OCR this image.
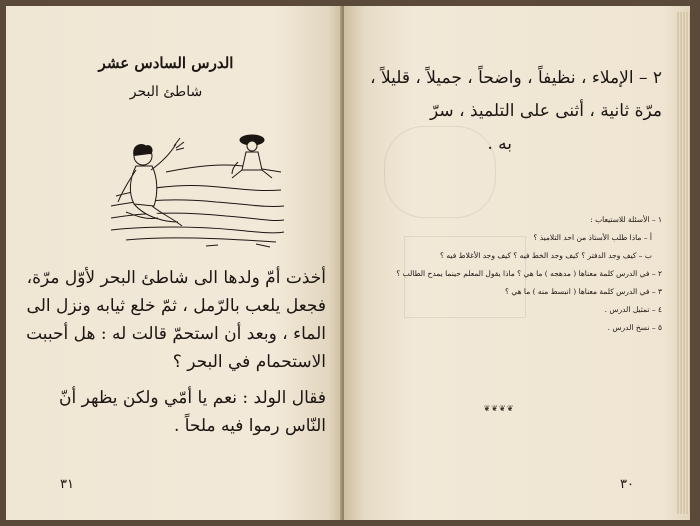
الدرس السادس عشر
شاطئ البحر
أخذت أمّ ولدها الى شاطئ البحر لأوّل مرّة،
فجعل يلعب بالرّمل ، ثمّ خلع ثيابه ونزل الى
الماء ، وبعد أن استحمّ قالت له : هل أحببت
الاستحمام في البحر ؟
فقال الولد : نعم يا أمّي ولكن يظهر أنّ
النّاس رموا فيه ملحاً .
٣١
٢ – الإملاء ، نظيفاً ، واضحاً ، جميلاً ، قليلاً ،
مرّة ثانية ، أثنى على التلميذ ، سرّ
به .
١ – الأسئلة للاستيعاب :
أ – ماذا طلب الأستاذ من احد التلاميذ ؟
ب – كيف وجد الدفتر ؟ كيف وجد الخط فيه ؟ كيف وجد الأغلاط فيه ؟
٢ – في الدرس كلمة معناها ( مدهجه ) ما هي ؟ ماذا يقول المعلم حينما يمدح الطالب ؟
٣ – في الدرس كلمة معناها ( انبسط منه ) ما هي ؟
٤ – تمثيل الدرس .
٥ – نسخ الدرس .
❦❦❦❦
٣٠
